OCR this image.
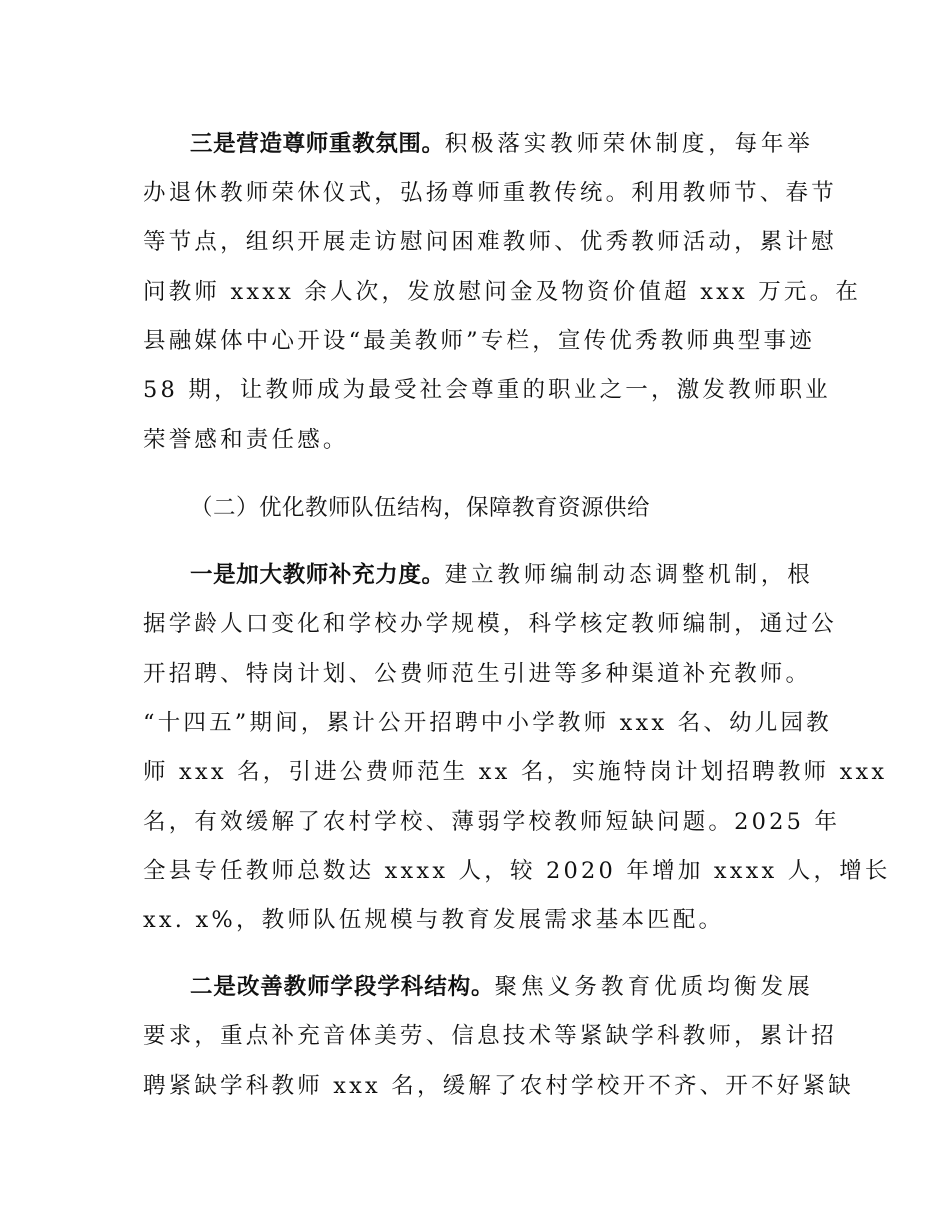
三是营造尊师重教氛围。积极落实教师荣休制度，每年举
办退休教师荣休仪式，弘扬尊师重教传统。利用教师节、春节
等节点，组织开展走访慰问困难教师、优秀教师活动，累计慰
问教师 xxxx 余人次，发放慰问金及物资价值超 xxx 万元。在
县融媒体中心开设“最美教师”专栏，宣传优秀教师典型事迹
58 期，让教师成为最受社会尊重的职业之一，激发教师职业
荣誉感和责任感。
（二）优化教师队伍结构，保障教育资源供给
一是加大教师补充力度。建立教师编制动态调整机制，根
据学龄人口变化和学校办学规模，科学核定教师编制，通过公
开招聘、特岗计划、公费师范生引进等多种渠道补充教师。
“十四五”期间，累计公开招聘中小学教师 xxx 名、幼儿园教
师 xxx 名，引进公费师范生 xx 名，实施特岗计划招聘教师 xxx
名，有效缓解了农村学校、薄弱学校教师短缺问题。2025 年
全县专任教师总数达 xxxx 人，较 2020 年增加 xxxx 人，增长
xx. x%，教师队伍规模与教育发展需求基本匹配。
二是改善教师学段学科结构。聚焦义务教育优质均衡发展
要求，重点补充音体美劳、信息技术等紧缺学科教师，累计招
聘紧缺学科教师 xxx 名，缓解了农村学校开不齐、开不好紧缺
